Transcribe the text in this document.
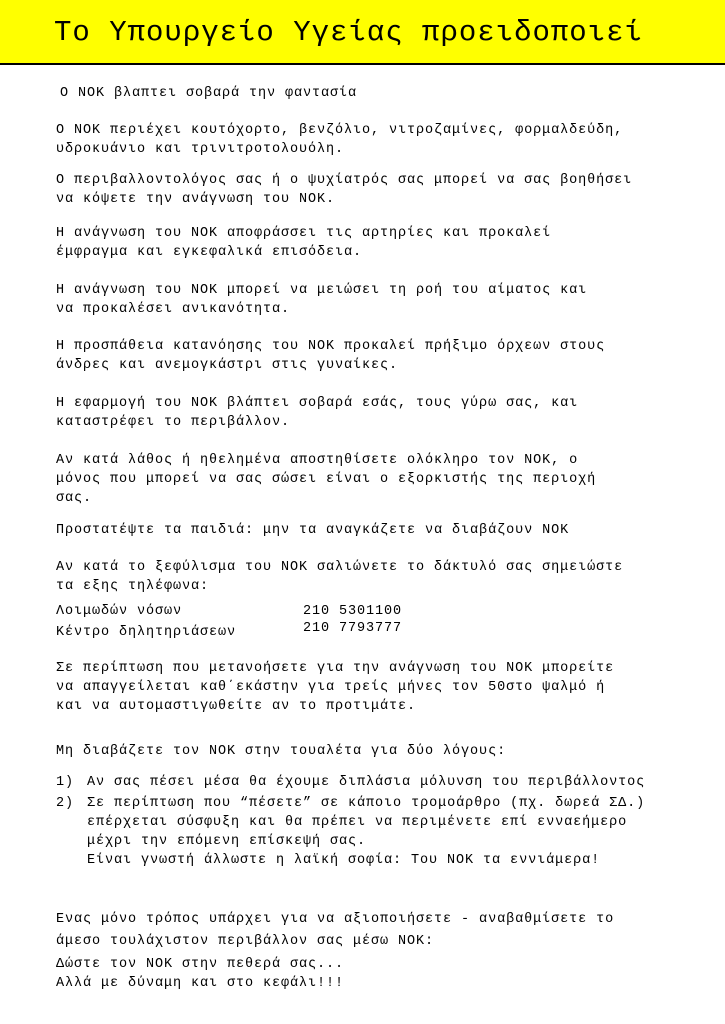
Το Υπουργείο Υγείας προειδοποιεί
Ο ΝΟΚ βλαπτει σοβαρά την φαντασία
Ο ΝΟΚ περιέχει κουτόχορτο, βενζόλιο, νιτροζαμίνες, φορμαλδεύδη,
υδροκυάνιο και τρινιτροτολουόλη.
Ο περιβαλλοντολόγος σας ή ο ψυχίατρός σας μπορεί να σας βοηθήσει
να κόψετε την ανάγνωση του ΝΟΚ.
Η ανάγνωση του ΝΟΚ αποφράσσει τις αρτηρίες και προκαλεί
έμφραγμα και εγκεφαλικά επισόδεια.
Η ανάγνωση του ΝΟΚ μπορεί να μειώσει τη ροή του αίματος και
να προκαλέσει ανικανότητα.
Η προσπάθεια κατανόησης του ΝΟΚ προκαλεί πρήξιμο όρχεων στους
άνδρες και ανεμογκάστρι στις γυναίκες.
Η εφαρμογή του ΝΟΚ βλάπτει σοβαρά εσάς, τους γύρω σας, και
καταστρέφει το περιβάλλον.
Αν κατά λάθος ή ηθελημένα αποστηθίσετε ολόκληρο τον ΝΟΚ, ο
μόνος που μπορεί να σας σώσει είναι ο εξορκιστής της περιοχή
σας.
Προστατέψτε τα παιδιά: μην τα αναγκάζετε να διαβάζουν ΝΟΚ
Αν κατά το ξεφύλισμα του ΝΟΚ σαλιώνετε το δάκτυλό σας σημειώστε
τα εξης τηλέφωνα:
Λοιμωδών νόσων	210 5301100
Κέντρο δηλητηριάσεων	210 7793777
Σε περίπτωση που μετανοήσετε για την ανάγνωση του ΝΟΚ μπορείτε
να απαγγείλεται καθ΄εκάστην για τρείς μήνες τον 50στο ψαλμό ή
και να αυτομαστιγωθείτε αν το προτιμάτε.
Μη διαβάζετε τον ΝΟΚ στην τουαλέτα για δύο λόγους:
1) Αν σας πέσει μέσα θα έχουμε διπλάσια μόλυνση του περιβάλλοντος
2) Σε περίπτωση που “πέσετε” σε κάποιο τρομοάρθρο (πχ. δωρεά ΣΔ.)
επέρχεται σύσφυξη και θα πρέπει να περιμένετε επί ενναεήμερο
μέχρι την επόμενη επίσκεψή σας.
Είναι γνωστή άλλωστε η λαϊκή σοφία: Του ΝΟΚ τα εννιάμερα!
Ενας μόνο τρόπος υπάρχει για να αξιοποιήσετε - αναβαθμίσετε το
άμεσο τουλάχιστον περιβάλλον σας μέσω ΝΟΚ:
Δώστε τον ΝΟΚ στην πεθερά σας...
Αλλά με δύναμη και στο κεφάλι!!!
